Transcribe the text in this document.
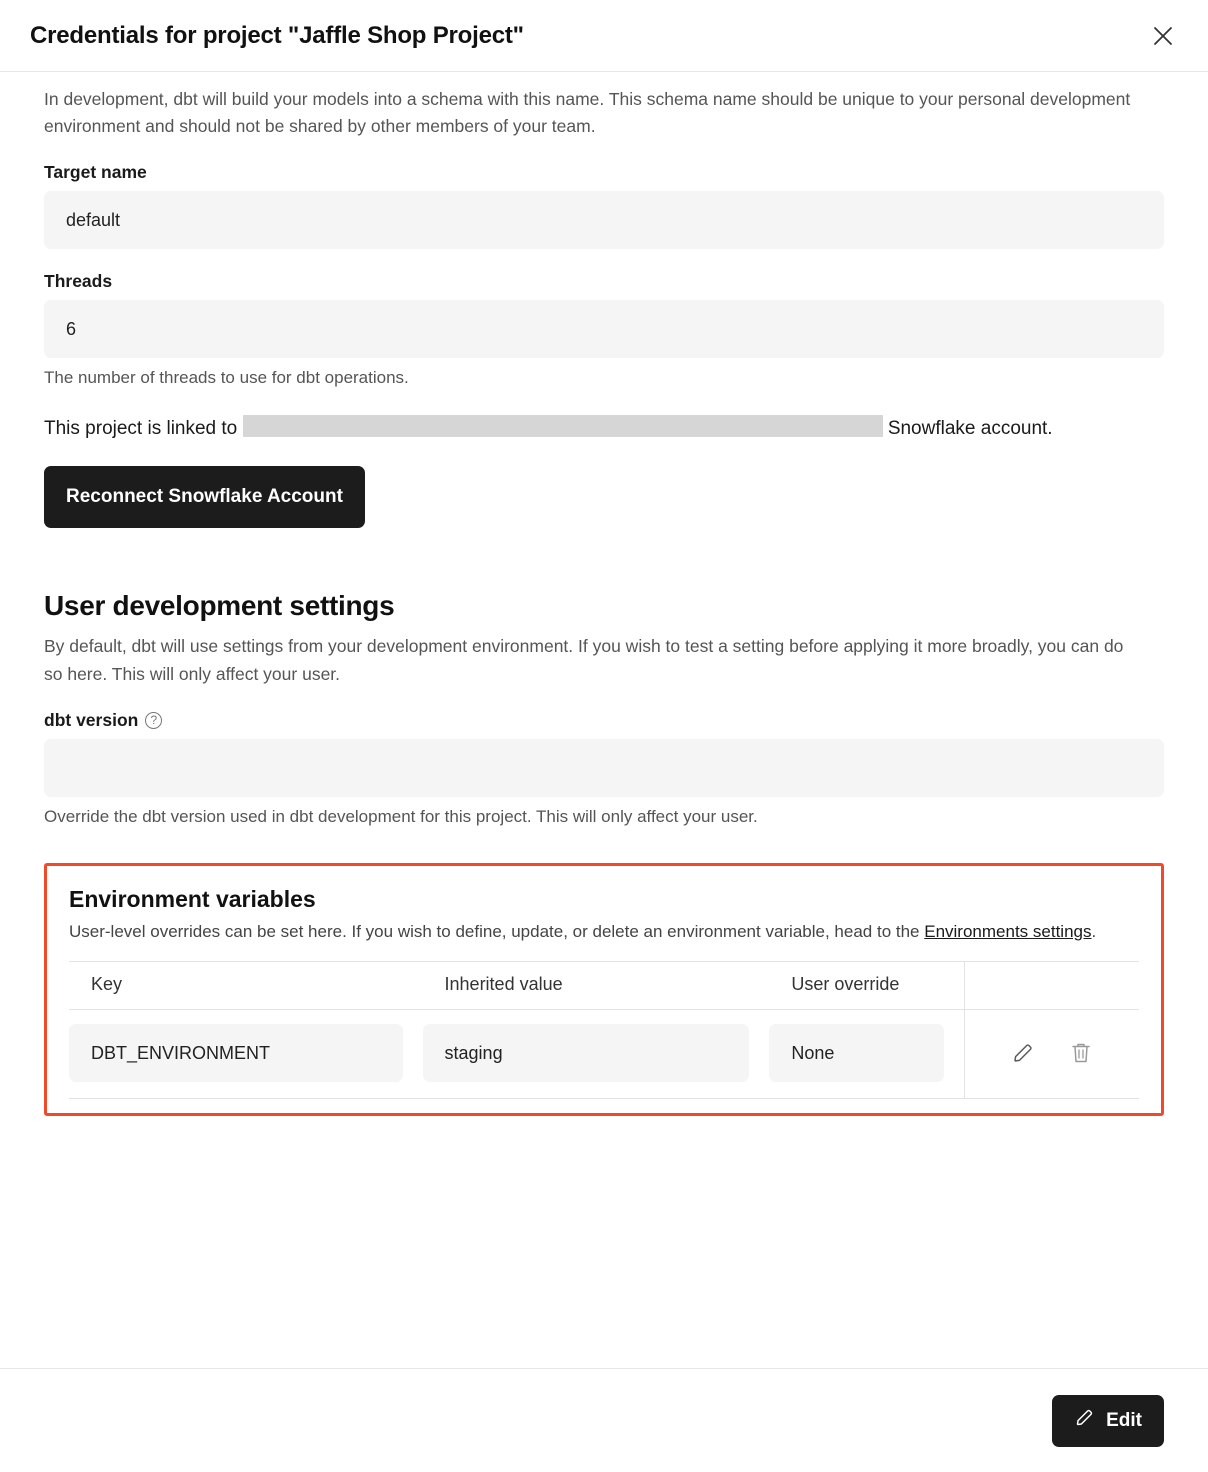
Credentials for project "Jaffle Shop Project"

In development, dbt will build your models into a schema with this name. This schema name should be unique to your personal development environment and should not be shared by other members of your team.

Target name
default
Threads
6

The number of threads to use for dbt operations.

This project is linked to	Snowflake account.

Reconnect Snowflake Account
User development settings

By default, dbt will use settings from your development environment. If you wish to test a setting before applying it more broadly, you can do so here. This will only affect your user.

dbt version	?

Override the dbt version used in dbt development for this project. This will only affect your user.

Environment variables

User-level overrides can be set here. If you wish to define, update, or delete an environment variable, head to the Environments settings.

Key	Inherited value	User override	

DBT_ENVIRONMENT	staging	None

Edit
